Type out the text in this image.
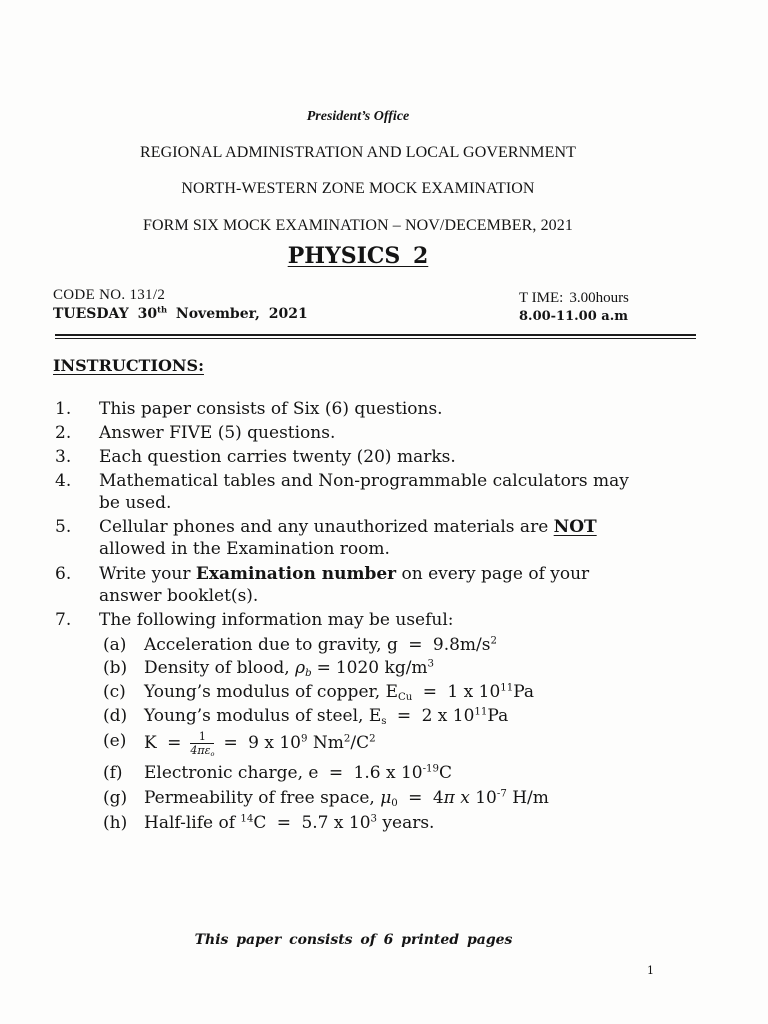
President’s Office
REGIONAL ADMINISTRATION AND LOCAL GOVERNMENT
NORTH-WESTERN ZONE MOCK EXAMINATION
FORM SIX MOCK EXAMINATION – NOV/DECEMBER, 2021
PHYSICS 2
CODE NO. 131/2
TUESDAY 30th November, 2021
T IME: 3.00hours
8.00-11.00 a.m
INSTRUCTIONS:
1. This paper consists of Six (6) questions.
2. Answer FIVE (5) questions.
3. Each question carries twenty (20) marks.
4. Mathematical tables and Non-programmable calculators may
be used.
5. Cellular phones and any unauthorized materials are NOT
allowed in the Examination room.
6. Write your Examination number on every page of your
answer booklet(s).
7. The following information may be useful:
(a) Acceleration due to gravity, $g = 9.8m/s^2$
(b) Density of blood, $\rho_b = 1020$ $kg/m^3$
(c) Young’s modulus of copper, $E_{Cu} = 1$ x $10^{11}Pa$
(d) Young’s modulus of steel, $E_s = 2$ x $10^{11}Pa$
(e) $K = \frac{1}{4\pi\varepsilon_o} = 9$ x $10^9$ $Nm^2/C^2$
(f) Electronic charge, e = 1.6 x $10^{-19}C$
(g) Permeability of free space, $\mu_0 = 4\pi$ x $10^{-7}$ H/m
(h) Half-life of $^{14}$C = 5.7 x $10^3$ years.
This paper consists of 6 printed pages
1
